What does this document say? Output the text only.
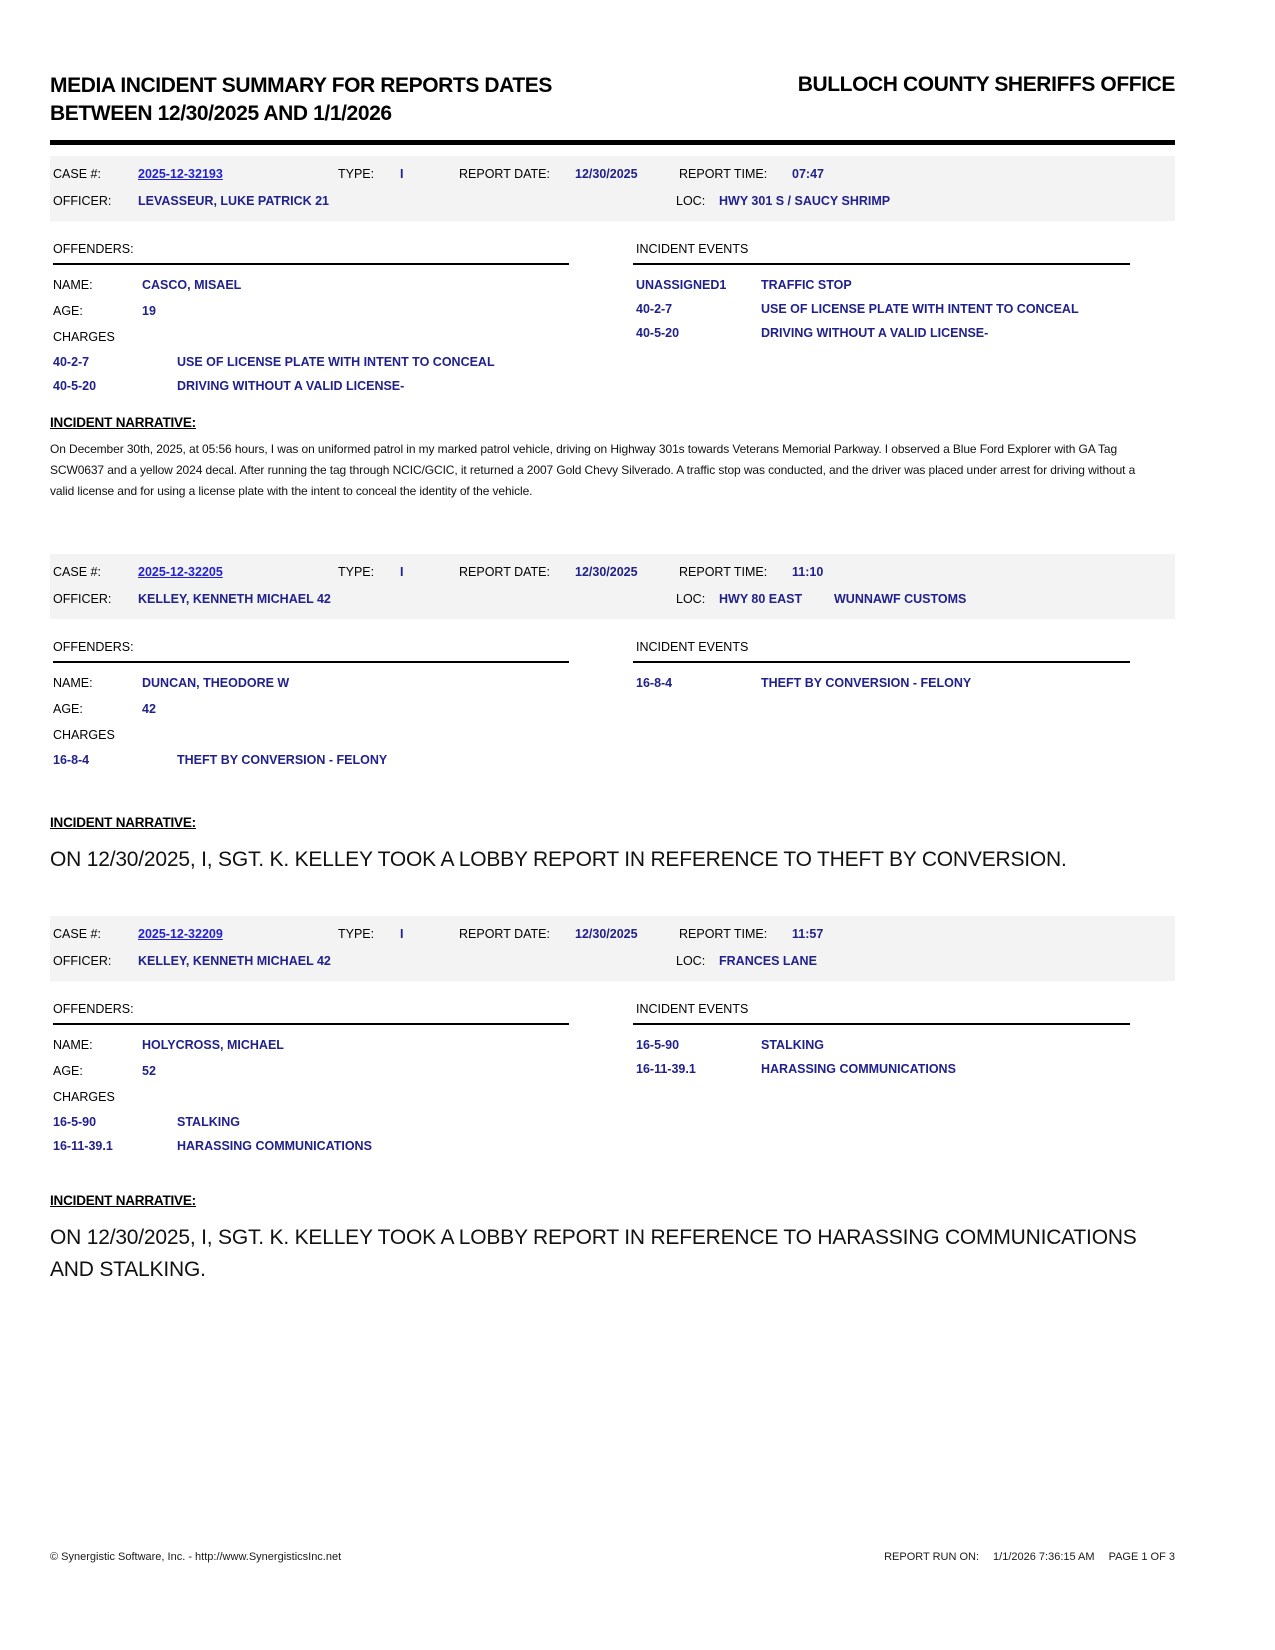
MEDIA INCIDENT SUMMARY FOR REPORTS DATES
BETWEEN 12/30/2025 AND 1/1/2026
BULLOCH COUNTY SHERIFFS OFFICE
CASE #:	2025-12-32193	TYPE: I	REPORT DATE: 12/30/2025	REPORT TIME: 07:47
OFFICER: LEVASSEUR, LUKE PATRICK 21	LOC: HWY 301 S / SAUCY SHRIMP
OFFENDERS:
NAME:	CASCO, MISAEL
AGE:	19
CHARGES
40-2-7	USE OF LICENSE PLATE WITH INTENT TO CONCEAL
40-5-20	DRIVING WITHOUT A VALID LICENSE-
INCIDENT EVENTS
UNASSIGNED1	TRAFFIC STOP
40-2-7	USE OF LICENSE PLATE WITH INTENT TO CONCEAL
40-5-20	DRIVING WITHOUT A VALID LICENSE-
INCIDENT NARRATIVE:

On December 30th, 2025, at 05:56 hours, I was on uniformed patrol in my marked patrol vehicle, driving on Highway 301s towards Veterans Memorial Parkway. I observed a Blue Ford Explorer with GA Tag SCW0637 and a yellow 2024 decal. After running the tag through NCIC/GCIC, it returned a 2007 Gold Chevy Silverado. A traffic stop was conducted, and the driver was placed under arrest for driving without a valid license and for using a license plate with the intent to conceal the identity of the vehicle.

CASE #:	2025-12-32205	TYPE: I	REPORT DATE: 12/30/2025	REPORT TIME: 11:10
OFFICER: KELLEY, KENNETH MICHAEL 42	LOC: HWY 80 EAST	WUNNAWF CUSTOMS
OFFENDERS:
NAME:	DUNCAN, THEODORE W
AGE:	42
CHARGES
16-8-4	THEFT BY CONVERSION - FELONY
INCIDENT EVENTS
16-8-4	THEFT BY CONVERSION - FELONY
INCIDENT NARRATIVE:
ON 12/30/2025, I, SGT. K. KELLEY TOOK A LOBBY REPORT IN REFERENCE TO THEFT BY CONVERSION.
CASE #:	2025-12-32209	TYPE: I	REPORT DATE: 12/30/2025	REPORT TIME: 11:57
OFFICER: KELLEY, KENNETH MICHAEL 42	LOC: FRANCES LANE
OFFENDERS:
NAME:	HOLYCROSS, MICHAEL
AGE:	52
CHARGES
16-5-90	STALKING
16-11-39.1	HARASSING COMMUNICATIONS
INCIDENT EVENTS
16-5-90	STALKING
16-11-39.1	HARASSING COMMUNICATIONS
INCIDENT NARRATIVE:
ON 12/30/2025, I, SGT. K. KELLEY TOOK A LOBBY REPORT IN REFERENCE TO HARASSING COMMUNICATIONS
AND STALKING.
© Synergistic Software, Inc. - http://www.SynergisticsInc.net	REPORT RUN ON: 1/1/2026 7:36:15 AM PAGE 1 OF 3
